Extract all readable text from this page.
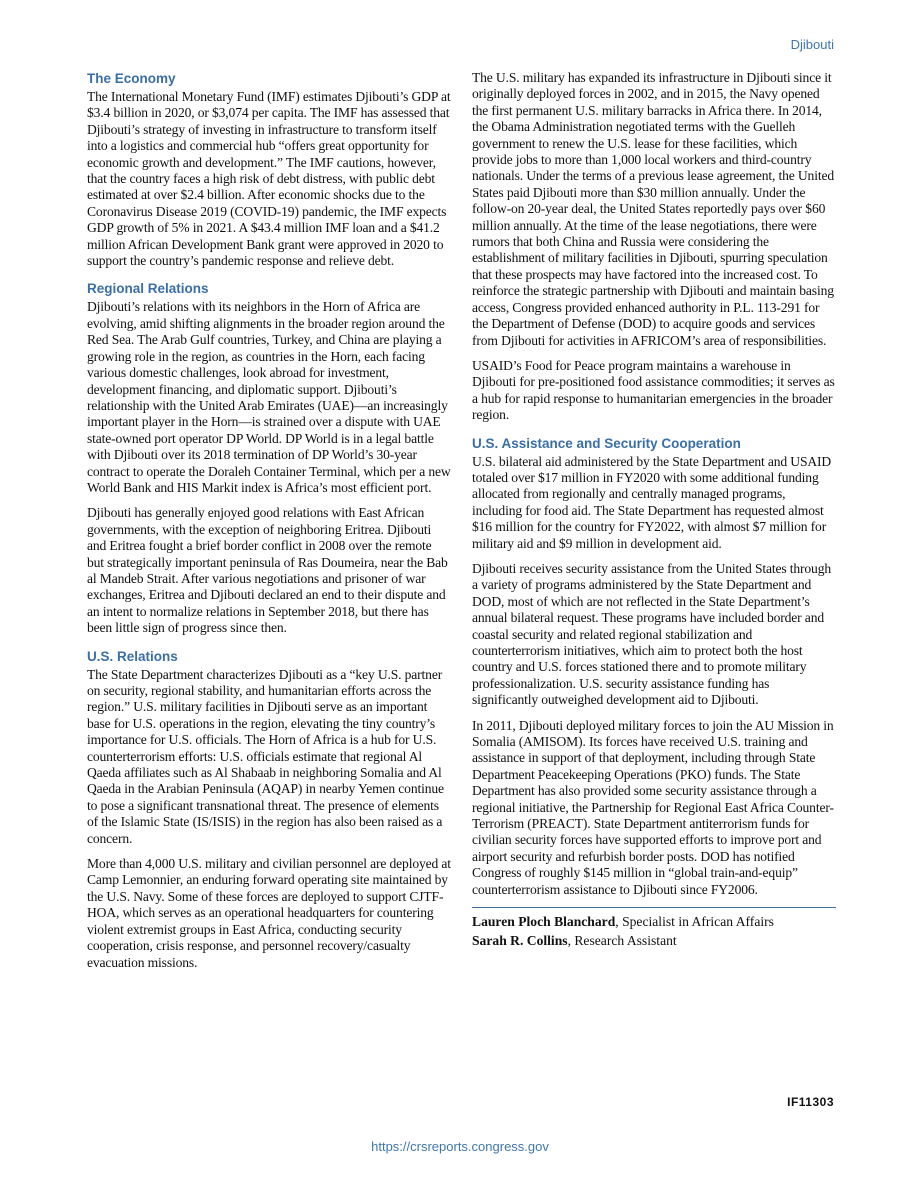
Djibouti
The Economy

The International Monetary Fund (IMF) estimates Djibouti’s GDP at $3.4 billion in 2020, or $3,074 per capita. The IMF has assessed that Djibouti’s strategy of investing in infrastructure to transform itself into a logistics and commercial hub “offers great opportunity for economic growth and development.” The IMF cautions, however, that the country faces a high risk of debt distress, with public debt estimated at over $2.4 billion. After economic shocks due to the Coronavirus Disease 2019 (COVID-19) pandemic, the IMF expects GDP growth of 5% in 2021. A $43.4 million IMF loan and a $41.2 million African Development Bank grant were approved in 2020 to support the country’s pandemic response and relieve debt.

Regional Relations

Djibouti’s relations with its neighbors in the Horn of Africa are evolving, amid shifting alignments in the broader region around the Red Sea. The Arab Gulf countries, Turkey, and China are playing a growing role in the region, as countries in the Horn, each facing various domestic challenges, look abroad for investment, development financing, and diplomatic support. Djibouti’s relationship with the United Arab Emirates (UAE)—an increasingly important player in the Horn—is strained over a dispute with UAE state-owned port operator DP World. DP World is in a legal battle with Djibouti over its 2018 termination of DP World’s 30-year contract to operate the Doraleh Container Terminal, which per a new World Bank and HIS Markit index is Africa’s most efficient port.

Djibouti has generally enjoyed good relations with East African governments, with the exception of neighboring Eritrea. Djibouti and Eritrea fought a brief border conflict in 2008 over the remote but strategically important peninsula of Ras Doumeira, near the Bab al Mandeb Strait. After various negotiations and prisoner of war exchanges, Eritrea and Djibouti declared an end to their dispute and an intent to normalize relations in September 2018, but there has been little sign of progress since then.

U.S. Relations

The State Department characterizes Djibouti as a “key U.S. partner on security, regional stability, and humanitarian efforts across the region.” U.S. military facilities in Djibouti serve as an important base for U.S. operations in the region, elevating the tiny country’s importance for U.S. officials. The Horn of Africa is a hub for U.S. counterterrorism efforts: U.S. officials estimate that regional Al Qaeda affiliates such as Al Shabaab in neighboring Somalia and Al Qaeda in the Arabian Peninsula (AQAP) in nearby Yemen continue to pose a significant transnational threat. The presence of elements of the Islamic State (IS/ISIS) in the region has also been raised as a concern.

More than 4,000 U.S. military and civilian personnel are deployed at Camp Lemonnier, an enduring forward operating site maintained by the U.S. Navy. Some of these forces are deployed to support CJTF-HOA, which serves as an operational headquarters for countering violent extremist groups in East Africa, conducting security cooperation, crisis response, and personnel recovery/casualty evacuation missions.

The U.S. military has expanded its infrastructure in Djibouti since it originally deployed forces in 2002, and in 2015, the Navy opened the first permanent U.S. military barracks in Africa there. In 2014, the Obama Administration negotiated terms with the Guelleh government to renew the U.S. lease for these facilities, which provide jobs to more than 1,000 local workers and third-country nationals. Under the terms of a previous lease agreement, the United States paid Djibouti more than $30 million annually. Under the follow-on 20-year deal, the United States reportedly pays over $60 million annually. At the time of the lease negotiations, there were rumors that both China and Russia were considering the establishment of military facilities in Djibouti, spurring speculation that these prospects may have factored into the increased cost. To reinforce the strategic partnership with Djibouti and maintain basing access, Congress provided enhanced authority in P.L. 113-291 for the Department of Defense (DOD) to acquire goods and services from Djibouti for activities in AFRICOM’s area of responsibilities.

USAID’s Food for Peace program maintains a warehouse in Djibouti for pre-positioned food assistance commodities; it serves as a hub for rapid response to humanitarian emergencies in the broader region.

U.S. Assistance and Security Cooperation

U.S. bilateral aid administered by the State Department and USAID totaled over $17 million in FY2020 with some additional funding allocated from regionally and centrally managed programs, including for food aid. The State Department has requested almost $16 million for the country for FY2022, with almost $7 million for military aid and $9 million in development aid.

Djibouti receives security assistance from the United States through a variety of programs administered by the State Department and DOD, most of which are not reflected in the State Department’s annual bilateral request. These programs have included border and coastal security and related regional stabilization and counterterrorism initiatives, which aim to protect both the host country and U.S. forces stationed there and to promote military professionalization. U.S. security assistance funding has significantly outweighed development aid to Djibouti.

In 2011, Djibouti deployed military forces to join the AU Mission in Somalia (AMISOM). Its forces have received U.S. training and assistance in support of that deployment, including through State Department Peacekeeping Operations (PKO) funds. The State Department has also provided some security assistance through a regional initiative, the Partnership for Regional East Africa Counter-Terrorism (PREACT). State Department antiterrorism funds for civilian security forces have supported efforts to improve port and airport security and refurbish border posts. DOD has notified Congress of roughly $145 million in “global train-and-equip” counterterrorism assistance to Djibouti since FY2006.

Lauren Ploch Blanchard, Specialist in African Affairs
Sarah R. Collins, Research Assistant
IF11303
https://crsreports.congress.gov
